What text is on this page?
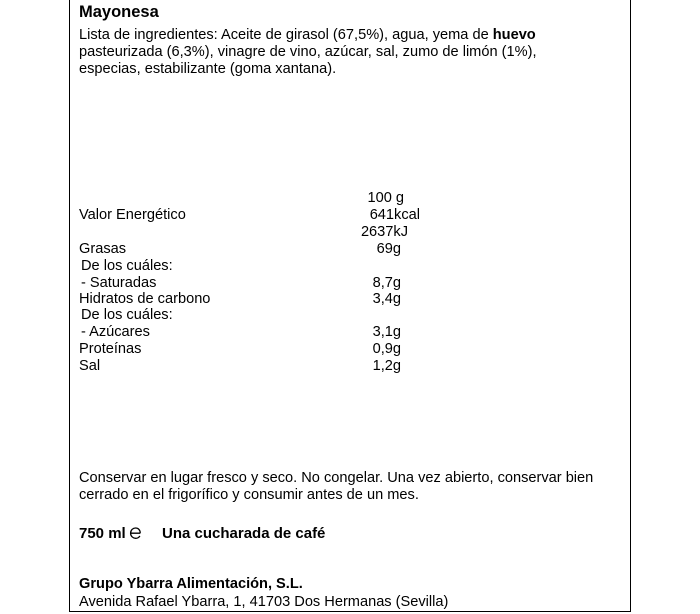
Mayonesa
Lista de ingredientes: Aceite de girasol (67,5%), agua, yema de huevo
pasteurizada (6,3%), vinagre de vino, azúcar, sal, zumo de limón (1%),
especias, estabilizante (goma xantana).
100 g
Valor Energético	641kcal
2637kJ
Grasas	69g
De los cuáles:
- Saturadas	8,7g
Hidratos de carbono	3,4g
De los cuáles:
- Azúcares	3,1g
Proteínas	0,9g
Sal	1,2g
Conservar en lugar fresco y seco. No congelar. Una vez abierto, conservar bien
cerrado en el frigorífico y consumir antes de un mes.
750 ml	Una cucharada de café
Grupo Ybarra Alimentación, S.L.
Avenida Rafael Ybarra, 1, 41703 Dos Hermanas (Sevilla)
